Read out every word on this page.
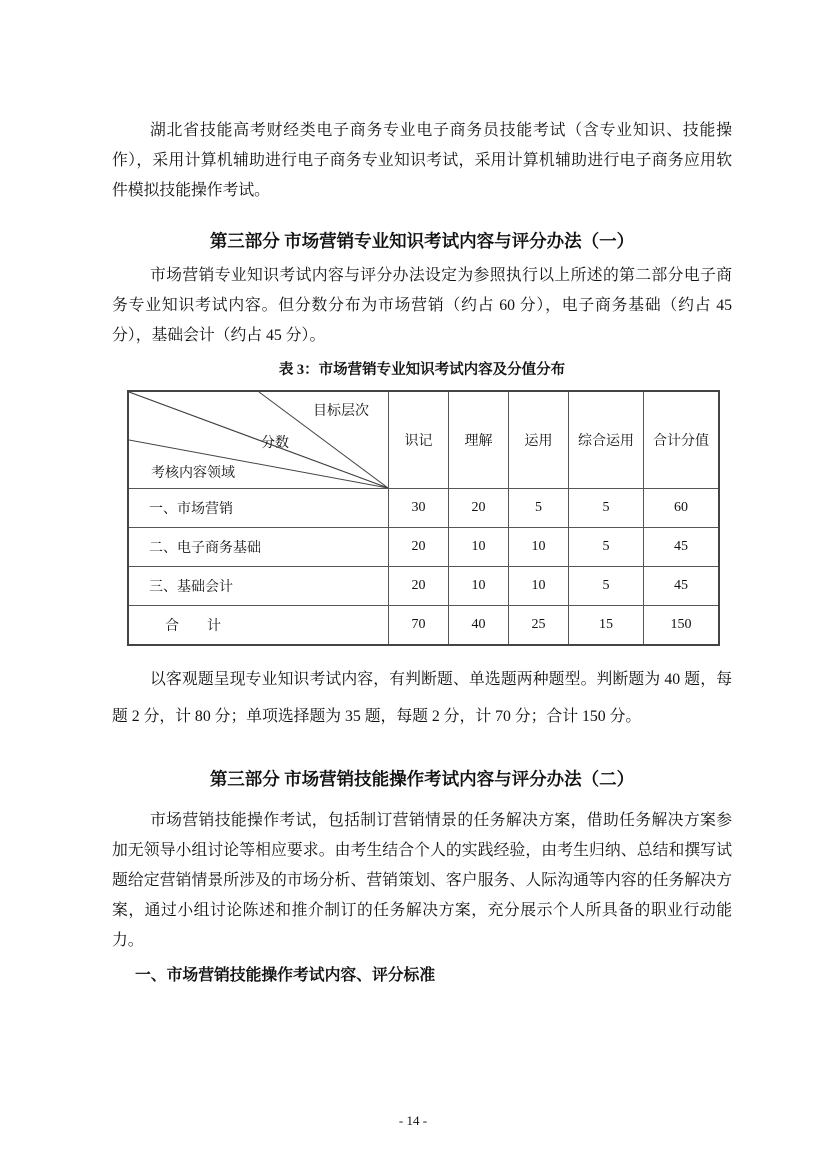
湖北省技能高考财经类电子商务专业电子商务员技能考试（含专业知识、技能操作），采用计算机辅助进行电子商务专业知识考试，采用计算机辅助进行电子商务应用软件模拟技能操作考试。

第三部分 市场营销专业知识考试内容与评分办法（一）

市场营销专业知识考试内容与评分办法设定为参照执行以上所述的第二部分电子商务专业知识考试内容。但分数分布为市场营销（约占 60 分），电子商务基础（约占 45 分），基础会计（约占 45 分）。

表 3：市场营销专业知识考试内容及分值分布

目标层次
分数
考核内容领域	识记	理解	运用	综合运用	合计分值
一、市场营销	30	20	5	5	60
二、电子商务基础	20	10	10	5	45
三、基础会计	20	10	10	5	45
合　　计	70	40	25	15	150

以客观题呈现专业知识考试内容，有判断题、单选题两种题型。判断题为 40 题，每题 2 分，计 80 分；单项选择题为 35 题，每题 2 分，计 70 分；合计 150 分。

第三部分 市场营销技能操作考试内容与评分办法（二）

市场营销技能操作考试，包括制订营销情景的任务解决方案，借助任务解决方案参加无领导小组讨论等相应要求。由考生结合个人的实践经验，由考生归纳、总结和撰写试题给定营销情景所涉及的市场分析、营销策划、客户服务、人际沟通等内容的任务解决方案，通过小组讨论陈述和推介制订的任务解决方案，充分展示个人所具备的职业行动能力。

一、市场营销技能操作考试内容、评分标准

- 14 -
